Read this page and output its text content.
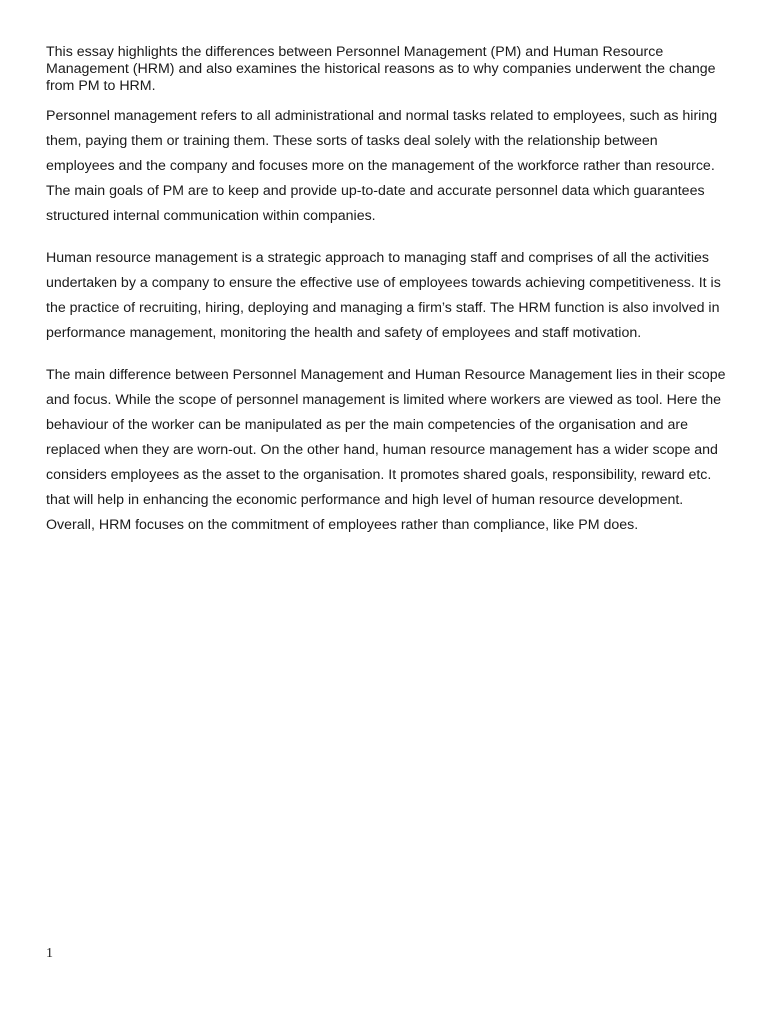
This essay highlights the differences between Personnel Management (PM) and Human Resource Management (HRM) and also examines the historical reasons as to why companies underwent the change from PM to HRM.

Personnel management refers to all administrational and normal tasks related to employees, such as hiring them, paying them or training them. These sorts of tasks deal solely with the relationship between employees and the company and focuses more on the management of the workforce rather than resource. The main goals of PM are to keep and provide up-to-date and accurate personnel data which guarantees structured internal communication within companies.

Human resource management is a strategic approach to managing staff and comprises of all the activities undertaken by a company to ensure the effective use of employees towards achieving competitiveness. It is the practice of recruiting, hiring, deploying and managing a firm’s staff. The HRM function is also involved in performance management, monitoring the health and safety of employees and staff motivation.

The main difference between Personnel Management and Human Resource Management lies in their scope and focus. While the scope of personnel management is limited where workers are viewed as tool. Here the behaviour of the worker can be manipulated as per the main competencies of the organisation and are replaced when they are worn-out. On the other hand, human resource management has a wider scope and considers employees as the asset to the organisation. It promotes shared goals, responsibility, reward etc. that will help in enhancing the economic performance and high level of human resource development. Overall, HRM focuses on the commitment of employees rather than compliance, like PM does.

1
